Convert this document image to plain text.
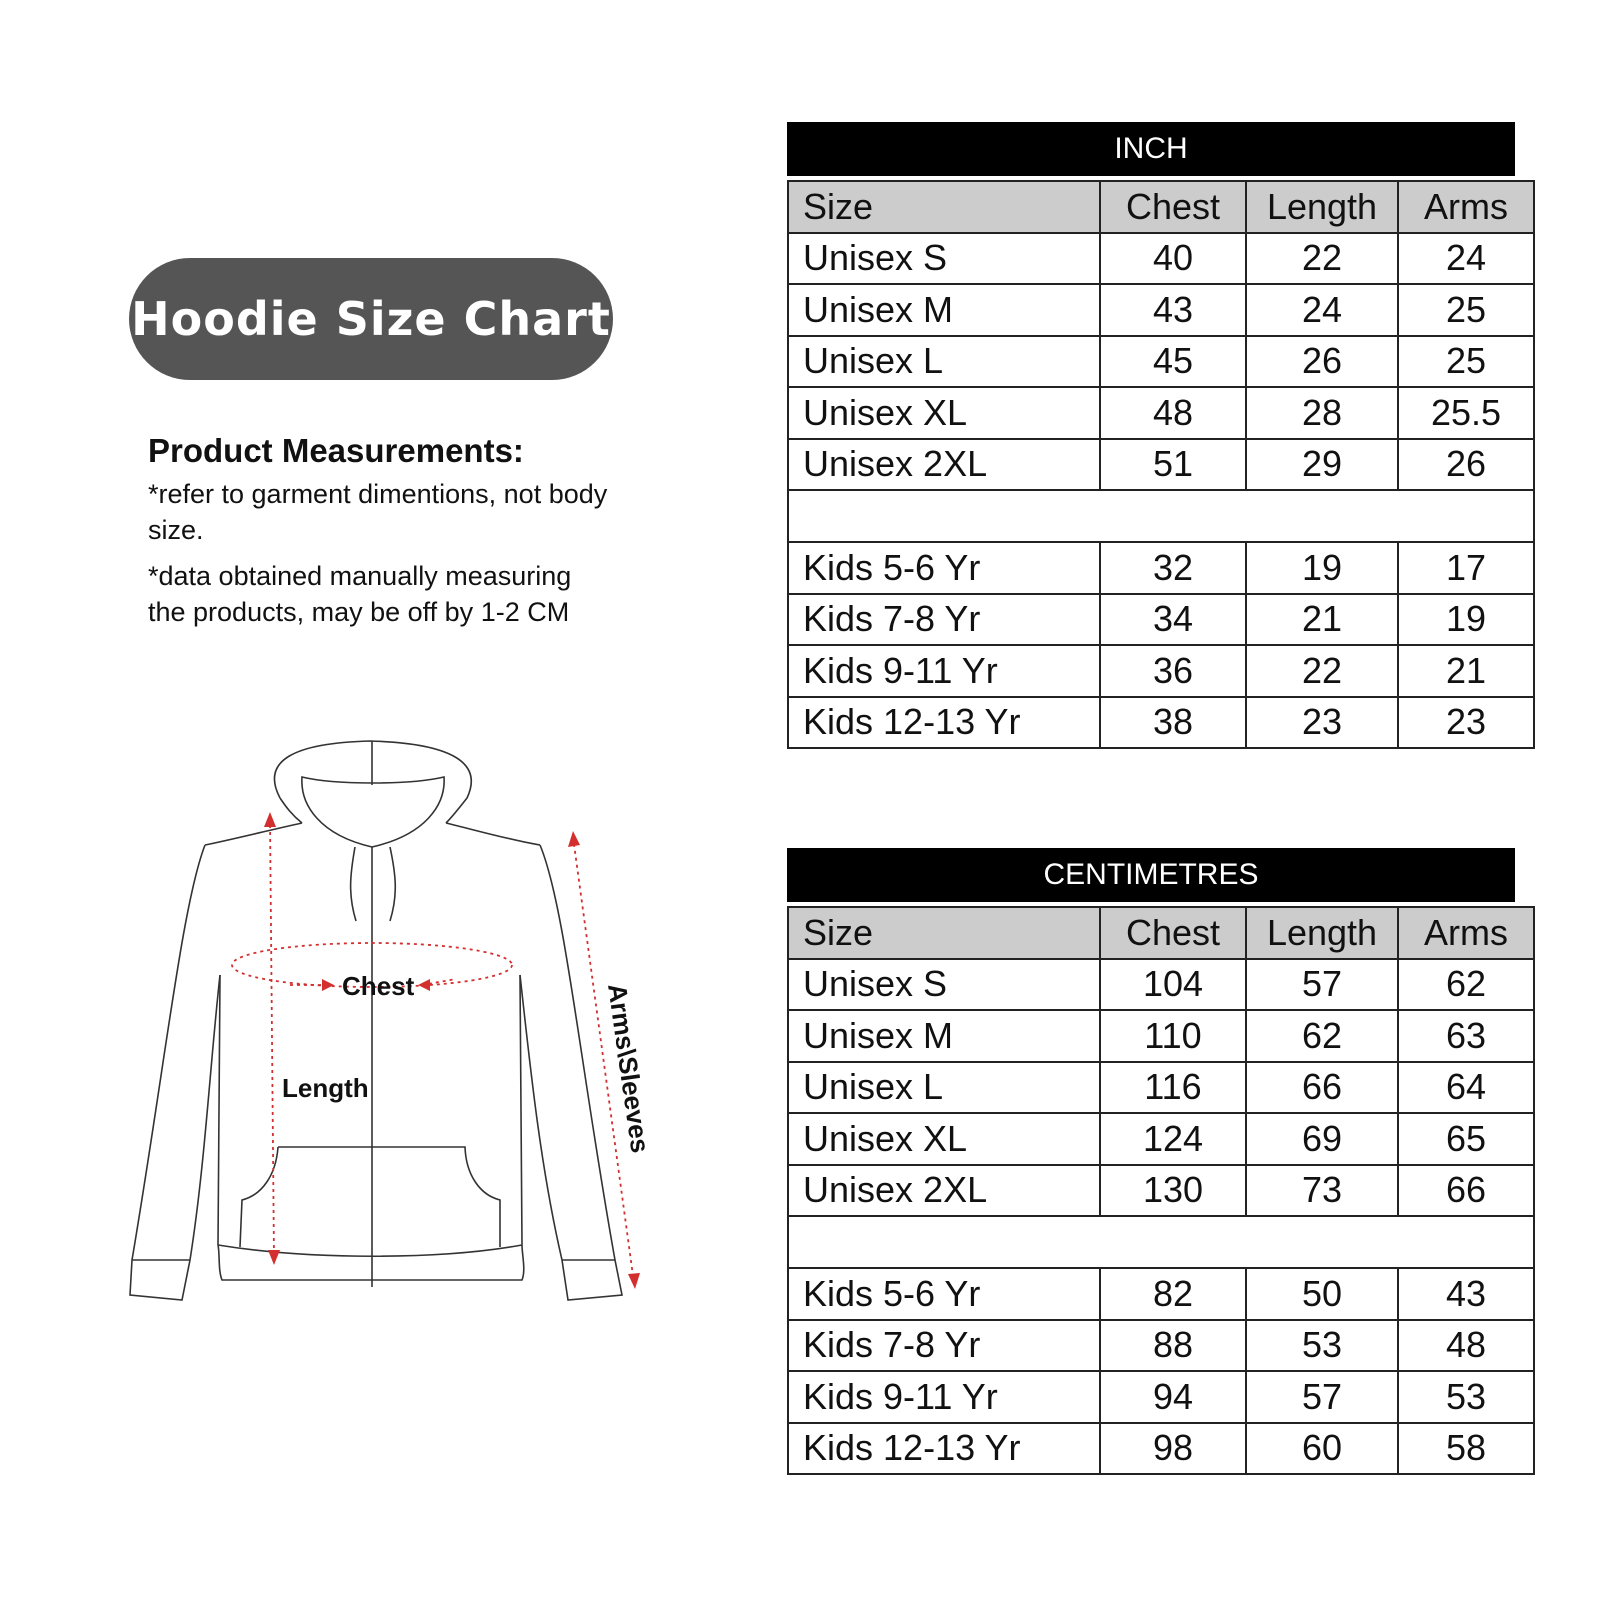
Hoodie Size Chart

Product Measurements:

*refer to garment dimentions, not body size.

*data obtained manually measuring the products, may be off by 1-2 CM

Chest
Length	Arms\Sleeves
INCH
Size	Chest	Length	Arms
Unisex S	40	22	24
Unisex M	43	24	25
Unisex L	45	26	25
Unisex XL	48	28	25.5
Unisex 2XL	51	29	26

Kids 5-6 Yr	32	19	17
Kids 7-8 Yr	34	21	19
Kids 9-11 Yr	36	22	21
Kids 12-13 Yr	38	23	23
CENTIMETRES
Size	Chest	Length	Arms
Unisex S	104	57	62
Unisex M	110	62	63
Unisex L	116	66	64
Unisex XL	124	69	65
Unisex 2XL	130	73	66

Kids 5-6 Yr	82	50	43
Kids 7-8 Yr	88	53	48
Kids 9-11 Yr	94	57	53
Kids 12-13 Yr	98	60	58
